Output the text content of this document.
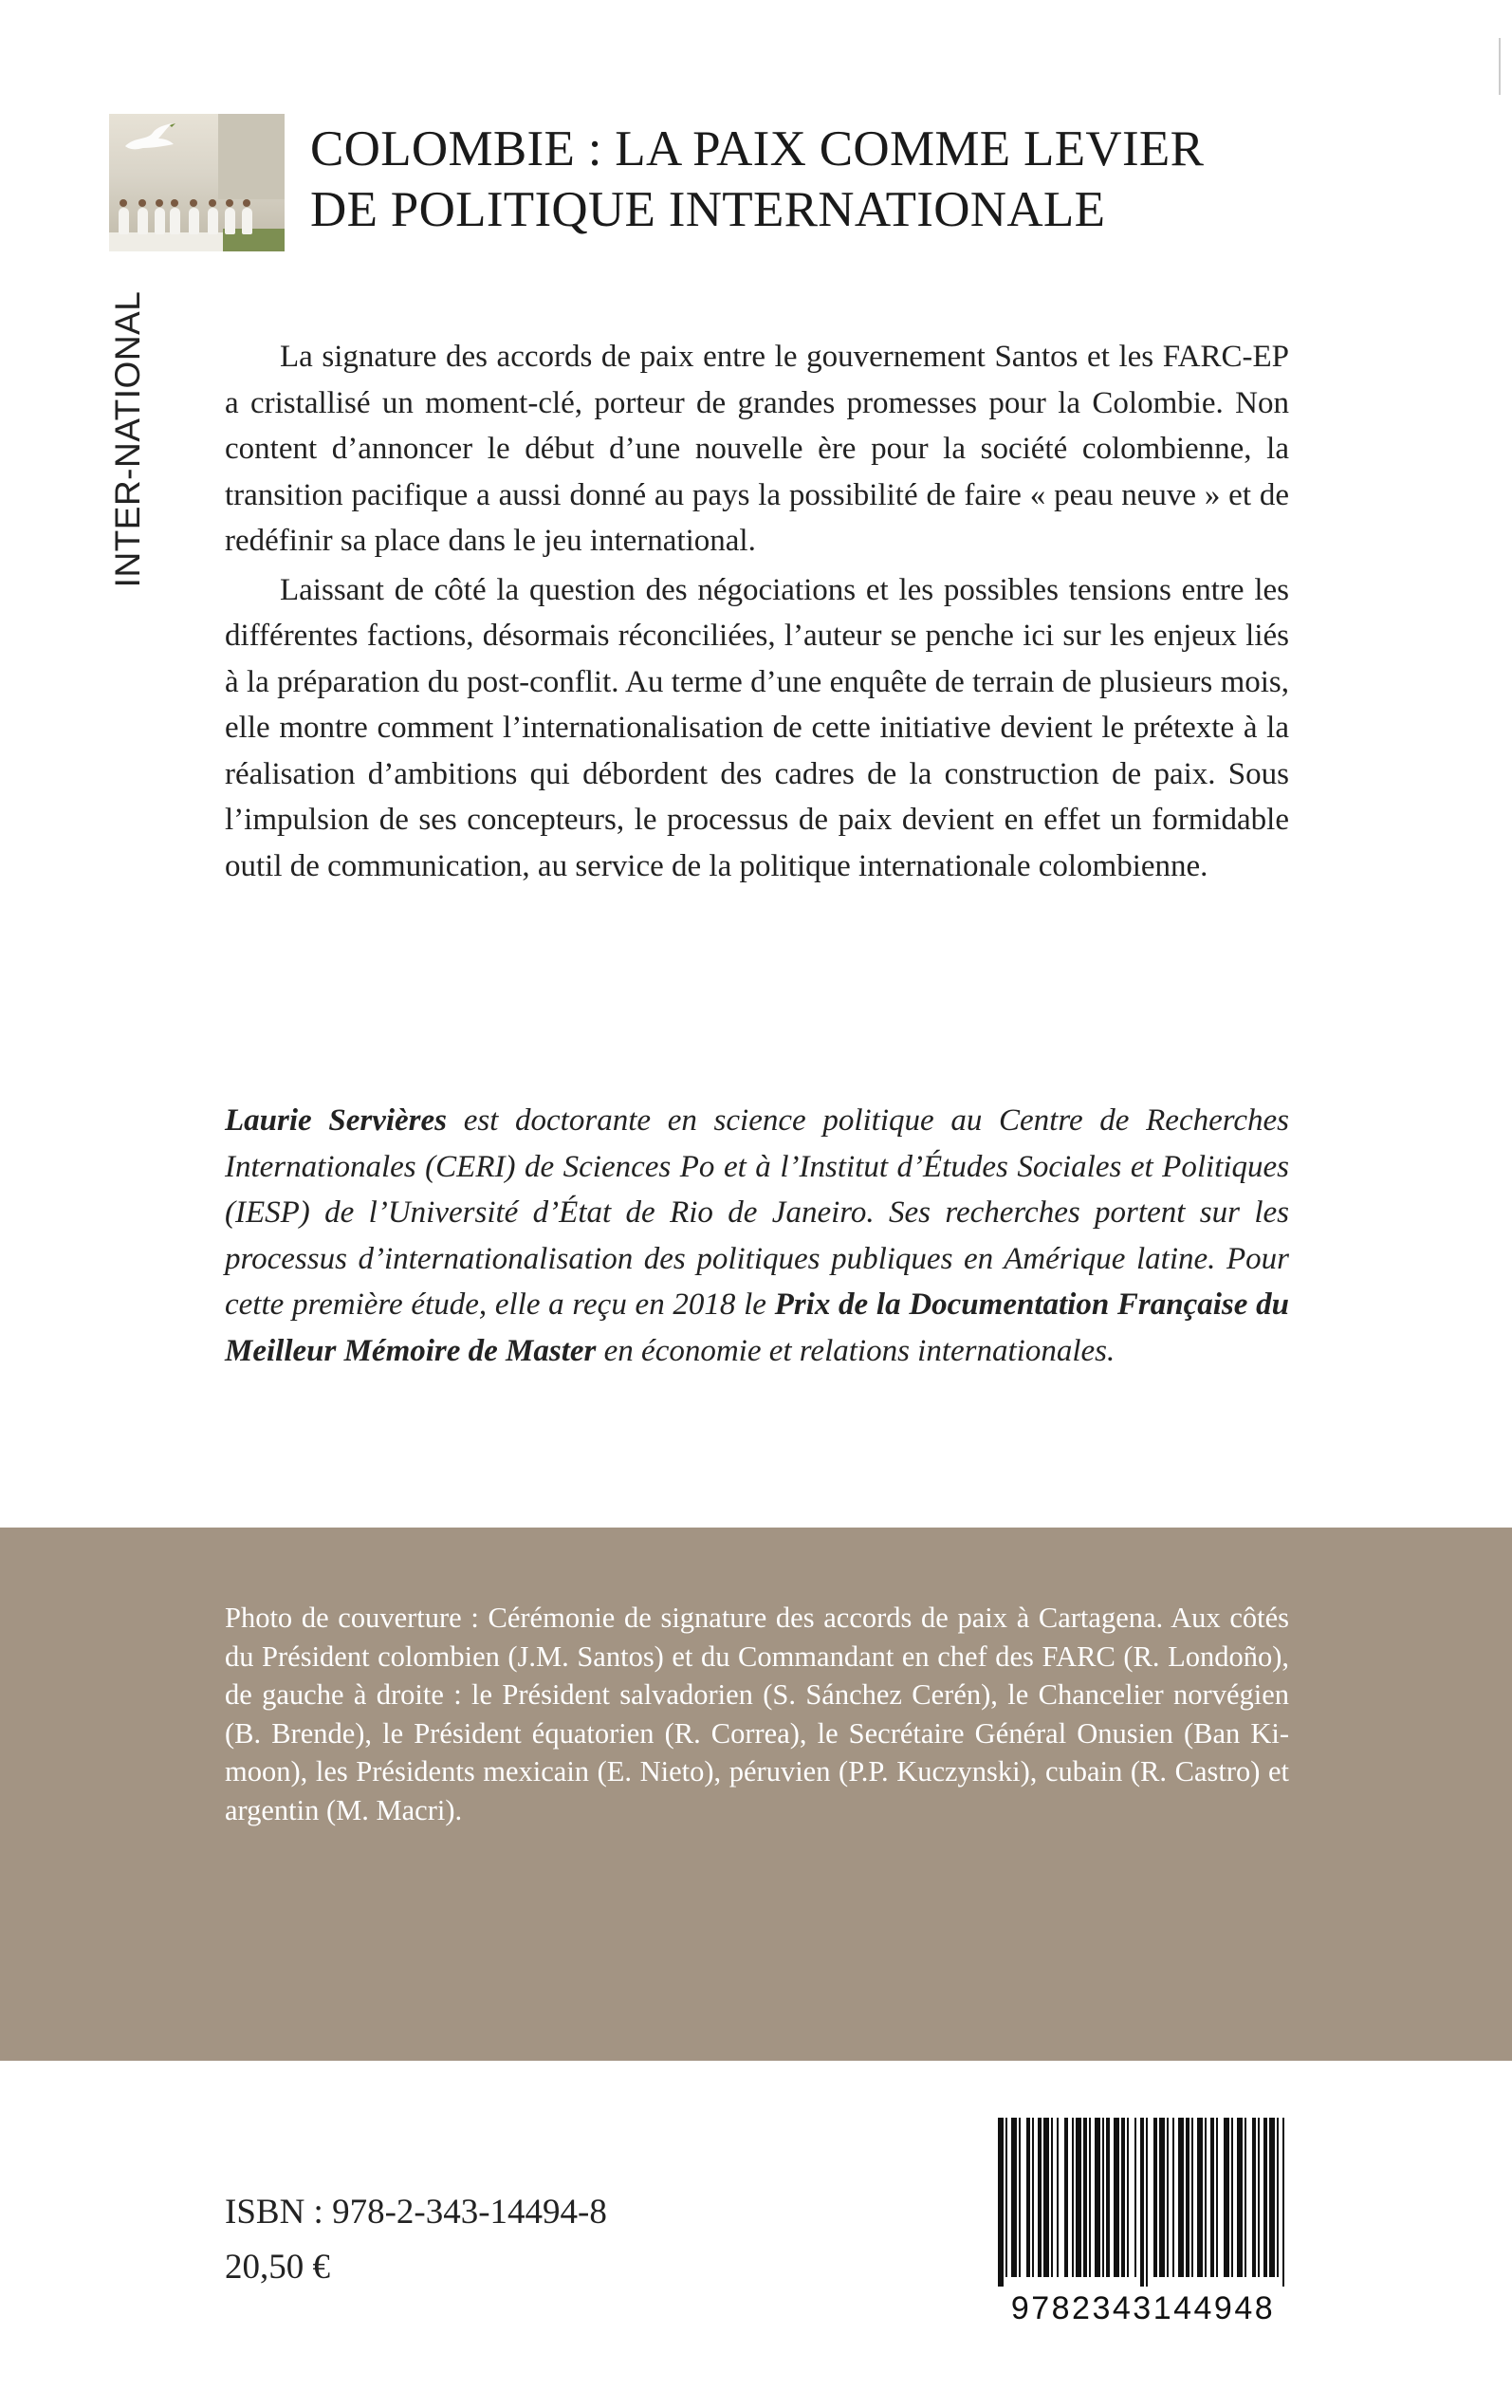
INTER-NATIONAL
COLOMBIE : LA PAIX COMME LEVIER
DE POLITIQUE INTERNATIONALE

La signature des accords de paix entre le gouvernement Santos et les FARC-EP a cristallisé un moment-clé, porteur de grandes promesses pour la Colombie. Non content d’annoncer le début d’une nouvelle ère pour la société colombienne, la transition pacifique a aussi donné au pays la possibilité de faire « peau neuve » et de redéfinir sa place dans le jeu international.

Laissant de côté la question des négociations et les possibles tensions entre les différentes factions, désormais réconciliées, l’auteur se penche ici sur les enjeux liés à la préparation du post-conflit. Au terme d’une enquête de terrain de plusieurs mois, elle montre comment l’internationalisation de cette initiative devient le prétexte à la réalisation d’ambitions qui débordent des cadres de la construction de paix. Sous l’impulsion de ses concepteurs, le processus de paix devient en effet un formidable outil de communication, au service de la politique internationale colombienne.

Laurie Servières est doctorante en science politique au Centre de Recherches Internationales (CERI) de Sciences Po et à l’Institut d’Études Sociales et Politiques (IESP) de l’Université d’État de Rio de Janeiro. Ses recherches portent sur les processus d’internationalisation des politiques publiques en Amérique latine. Pour cette première étude, elle a reçu en 2018 le Prix de la Documentation Française du Meilleur Mémoire de Master en économie et relations internationales.

Photo de couverture : Cérémonie de signature des accords de paix à Cartagena. Aux côtés du Président colombien (J.M. Santos) et du Commandant en chef des FARC (R. Londoño), de gauche à droite : le Président salvadorien (S. Sánchez Cerén), le Chancelier norvégien (B. Brende), le Président équatorien (R. Correa), le Secrétaire Général Onusien (Ban Ki-moon), les Présidents mexicain (E. Nieto), péruvien (P.P. Kuczynski), cubain (R. Castro) et argentin (M. Macri).

ISBN : 978-2-343-14494-8

20,50 €

9782343144948
